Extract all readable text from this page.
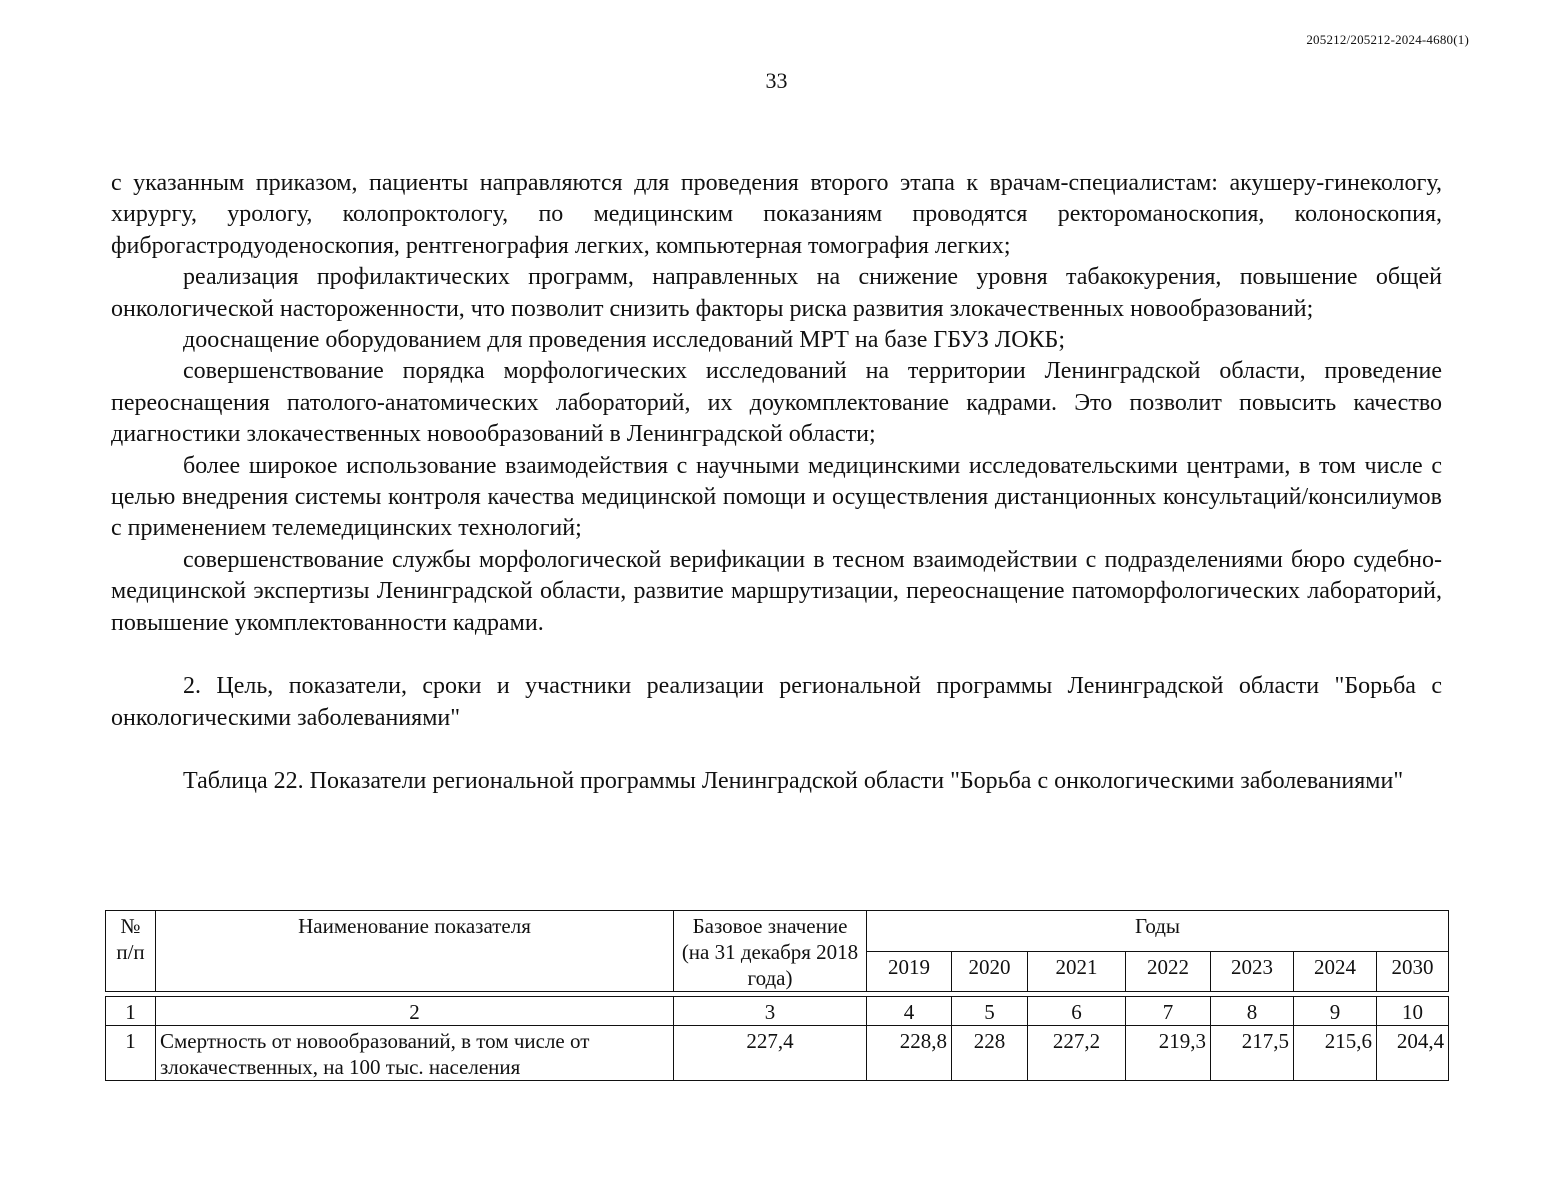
205212/205212-2024-4680(1)
33

с указанным приказом, пациенты направляются для проведения второго этапа к врачам-специалистам: акушеру-гинекологу, хирургу, урологу, колопроктологу, по медицинским показаниям проводятся ректороманоскопия, колоноскопия, фиброгастродуоденоскопия, рентгенография легких, компьютерная томография легких;

реализация профилактических программ, направленных на снижение уровня табакокурения, повышение общей онкологической настороженности, что позволит снизить факторы риска развития злокачественных новообразований;

дооснащение оборудованием для проведения исследований МРТ на базе ГБУЗ ЛОКБ;

совершенствование порядка морфологических исследований на территории Ленинградской области, проведение переоснащения патолого-анатомических лабораторий, их доукомплектование кадрами. Это позволит повысить качество диагностики злокачественных новообразований в Ленинградской области;

более широкое использование взаимодействия с научными медицинскими исследовательскими центрами, в том числе с целью внедрения системы контроля качества медицинской помощи и осуществления дистанционных консультаций/консилиумов с применением телемедицинских технологий;

совершенствование службы морфологической верификации в тесном взаимодействии с подразделениями бюро судебно-медицинской экспертизы Ленинградской области, развитие маршрутизации, переоснащение патоморфологических лабораторий, повышение укомплектованности кадрами.

2. Цель, показатели, сроки и участники реализации региональной программы Ленинградской области "Борьба с онкологическими заболеваниями"

Таблица 22. Показатели региональной программы Ленинградской области "Борьба с онкологическими заболеваниями"

№ п/п	Наименование показателя	Базовое значение (на 31 декабря 2018 года)	Годы						
			2019	2020	2021	2022	2023	2024	2030

1	2	3	4	5	6	7	8	9	10
1	Смертность от новообразований, в том числе от злокачественных, на 100 тыс. населения	227,4	228,8	228	227,2	219,3	217,5	215,6	204,4
